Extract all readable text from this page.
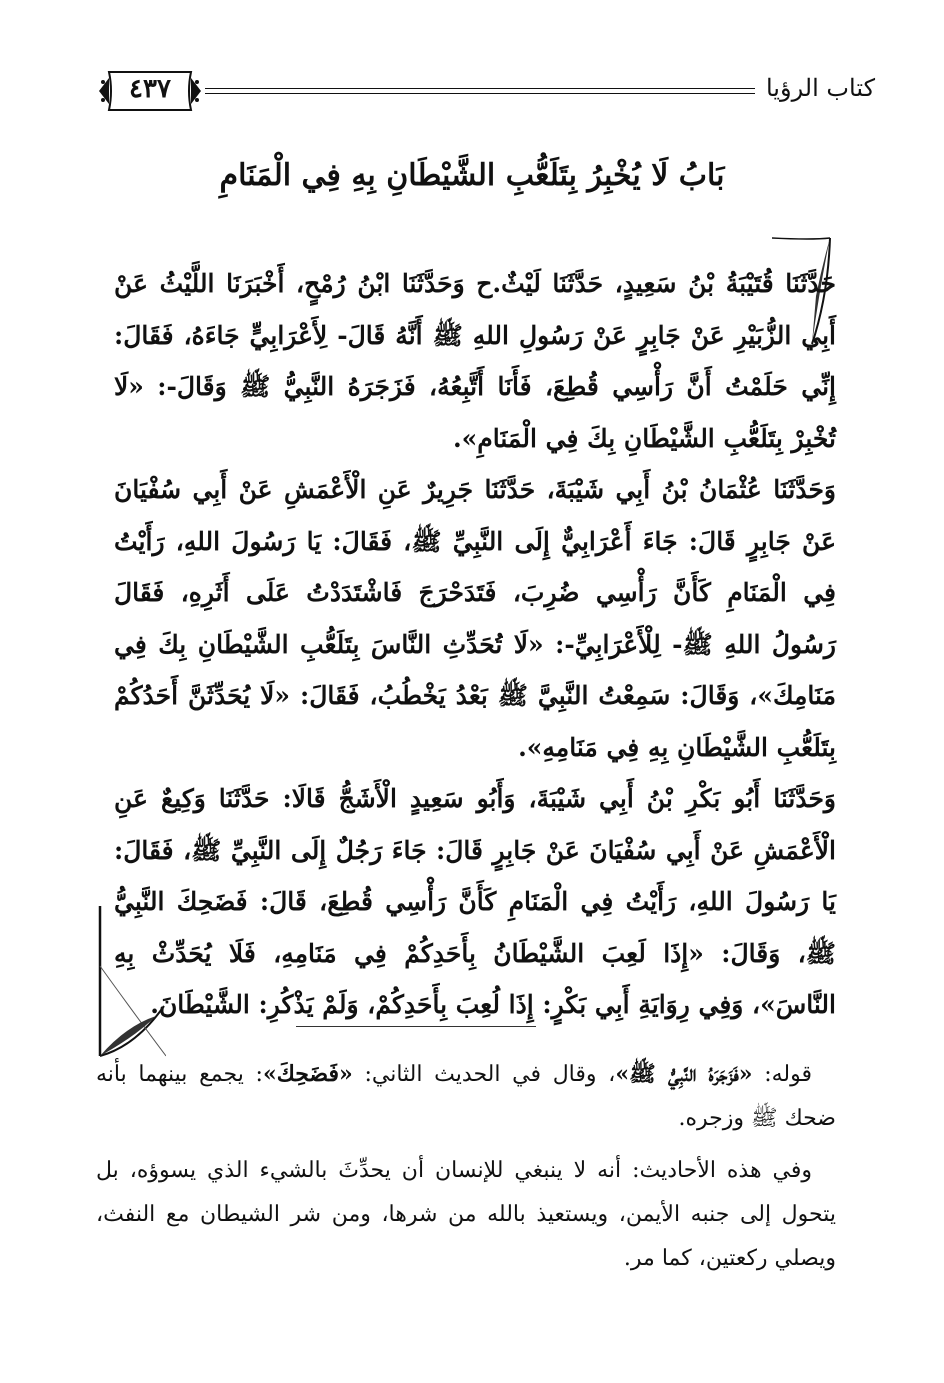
كتاب الرؤيا
٤٣٧
بَابُ لَا يُخْبِرُ بِتَلَعُّبِ الشَّيْطَانِ بِهِ فِي الْمَنَامِ

حَدَّثَنَا قُتَيْبَةُ بْنُ سَعِيدٍ، حَدَّثَنَا لَيْثٌ.ح وَحَدَّثَنَا ابْنُ رُمْحٍ، أَخْبَرَنَا اللَّيْثُ عَنْ أَبِي الزُّبَيْرِ عَنْ جَابِرٍ عَنْ رَسُولِ اللهِ ﷺ أَنَّهُ قَالَ- لِأَعْرَابِيٍّ جَاءَهُ، فَقَالَ: إِنِّي حَلَمْتُ أَنَّ رَأْسِي قُطِعَ، فَأَنَا أَتَّبِعُهُ، فَزَجَرَهُ النَّبِيُّ ﷺ وَقَالَ-: «لَا تُخْبِرْ بِتَلَعُّبِ الشَّيْطَانِ بِكَ فِي الْمَنَامِ».

وَحَدَّثَنَا عُثْمَانُ بْنُ أَبِي شَيْبَةَ، حَدَّثَنَا جَرِيرٌ عَنِ الْأَعْمَشِ عَنْ أَبِي سُفْيَانَ عَنْ جَابِرٍ قَالَ: جَاءَ أَعْرَابِيٌّ إِلَى النَّبِيِّ ﷺ، فَقَالَ: يَا رَسُولَ اللهِ، رَأَيْتُ فِي الْمَنَامِ كَأَنَّ رَأْسِي ضُرِبَ، فَتَدَحْرَجَ فَاشْتَدَدْتُ عَلَى أَثَرِهِ، فَقَالَ رَسُولُ اللهِ ﷺ- لِلْأَعْرَابِيِّ-: «لَا تُحَدِّثِ النَّاسَ بِتَلَعُّبِ الشَّيْطَانِ بِكَ فِي مَنَامِكَ»، وَقَالَ: سَمِعْتُ النَّبِيَّ ﷺ بَعْدُ يَخْطُبُ، فَقَالَ: «لَا يُحَدِّثَنَّ أَحَدُكُمْ بِتَلَعُّبِ الشَّيْطَانِ بِهِ فِي مَنَامِهِ».

وَحَدَّثَنَا أَبُو بَكْرِ بْنُ أَبِي شَيْبَةَ، وَأَبُو سَعِيدٍ الْأَشَجُّ قَالَا: حَدَّثَنَا وَكِيعٌ عَنِ الْأَعْمَشِ عَنْ أَبِي سُفْيَانَ عَنْ جَابِرٍ قَالَ: جَاءَ رَجُلٌ إِلَى النَّبِيِّ ﷺ، فَقَالَ: يَا رَسُولَ اللهِ، رَأَيْتُ فِي الْمَنَامِ كَأَنَّ رَأْسِي قُطِعَ، قَالَ: فَضَحِكَ النَّبِيُّ ﷺ، وَقَالَ: «إِذَا لَعِبَ الشَّيْطَانُ بِأَحَدِكُمْ فِي مَنَامِهِ، فَلَا يُحَدِّثْ بِهِ النَّاسَ»، وَفِي رِوَايَةِ أَبِي بَكْرٍ: إِذَا لُعِبَ بِأَحَدِكُمْ، وَلَمْ يَذْكُرِ: الشَّيْطَانَ.

قوله: «فَزَجَرَهُ النَّبِيُّ ﷺ»، وقال في الحديث الثاني: «فَضَحِكَ»: يجمع بينهما بأنه ضحك ﷺ وزجره.

وفي هذه الأحاديث: أنه لا ينبغي للإنسان أن يحدِّثَ بالشيء الذي يسوؤه، بل يتحول إلى جنبه الأيمن، ويستعيذ بالله من شرها، ومن شر الشيطان مع النفث، ويصلي ركعتين، كما مر.
